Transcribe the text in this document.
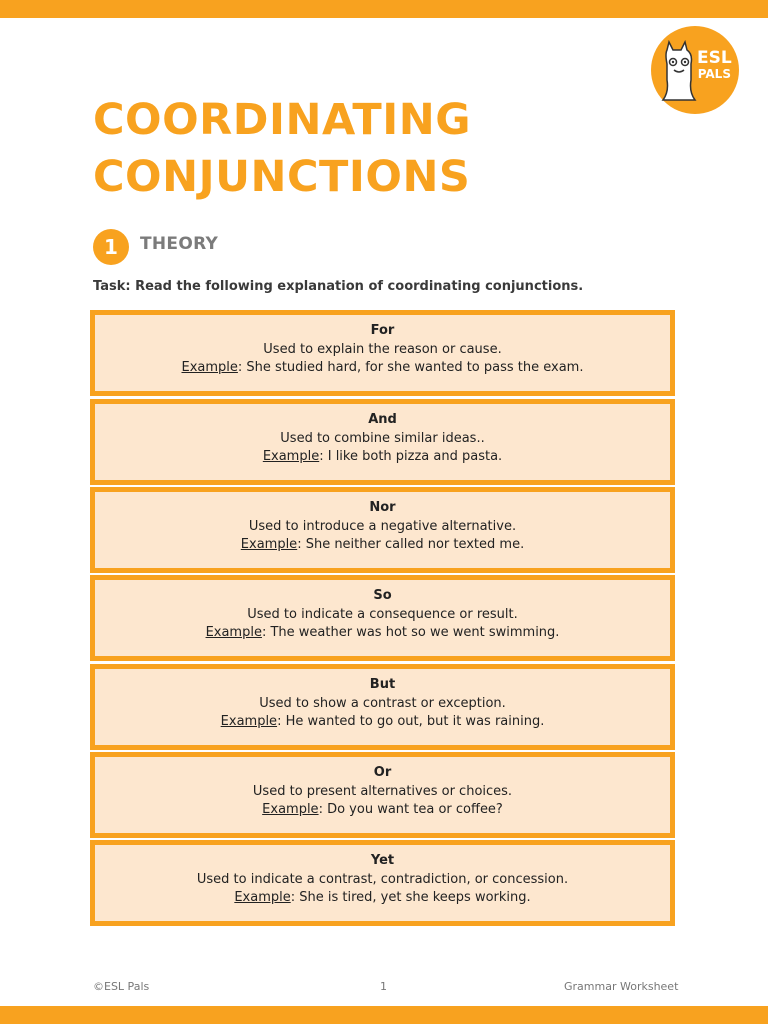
ESL
PALS
COORDINATING
CONJUNCTIONS
1	THEORY
Task: Read the following explanation of coordinating conjunctions.
For
Used to explain the reason or cause.
Example: She studied hard, for she wanted to pass the exam.
And
Used to combine similar ideas..
Example: I like both pizza and pasta.
Nor
Used to introduce a negative alternative.
Example: She neither called nor texted me.
So
Used to indicate a consequence or result.
Example: The weather was hot so we went swimming.
But
Used to show a contrast or exception.
Example: He wanted to go out, but it was raining.
Or
Used to present alternatives or choices.
Example: Do you want tea or coffee?
Yet
Used to indicate a contrast, contradiction, or concession.
Example: She is tired, yet she keeps working.
©ESL Pals	1	Grammar Worksheet
